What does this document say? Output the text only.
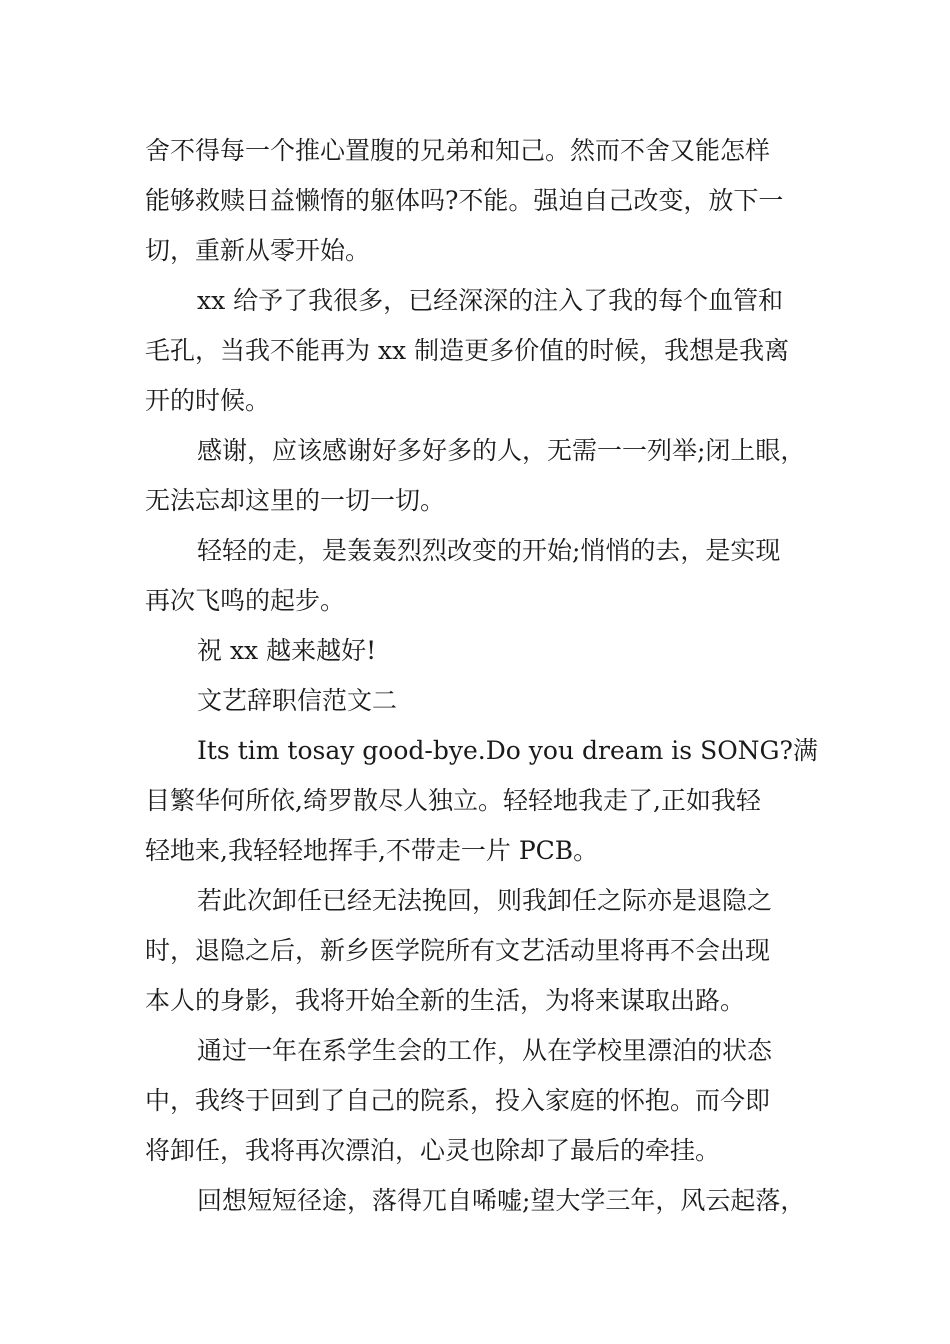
舍不得每一个推心置腹的兄弟和知己。然而不舍又能怎样
能够救赎日益懒惰的躯体吗?不能。强迫自己改变，放下一
切，重新从零开始。
xx 给予了我很多，已经深深的注入了我的每个血管和
毛孔，当我不能再为 xx 制造更多价值的时候，我想是我离
开的时候。
感谢，应该感谢好多好多的人，无需一一列举;闭上眼，
无法忘却这里的一切一切。
轻轻的走，是轰轰烈烈改变的开始;悄悄的去，是实现
再次飞鸣的起步。
祝 xx 越来越好!
文艺辞职信范文二
Its tim tosay good-bye.Do you dream is SONG?满
目繁华何所依,绮罗散尽人独立。轻轻地我走了,正如我轻
轻地来,我轻轻地挥手,不带走一片 PCB。
若此次卸任已经无法挽回，则我卸任之际亦是退隐之
时，退隐之后，新乡医学院所有文艺活动里将再不会出现
本人的身影，我将开始全新的生活，为将来谋取出路。
通过一年在系学生会的工作，从在学校里漂泊的状态
中，我终于回到了自己的院系，投入家庭的怀抱。而今即
将卸任，我将再次漂泊，心灵也除却了最后的牵挂。
回想短短径途，落得兀自唏嘘;望大学三年，风云起落，
